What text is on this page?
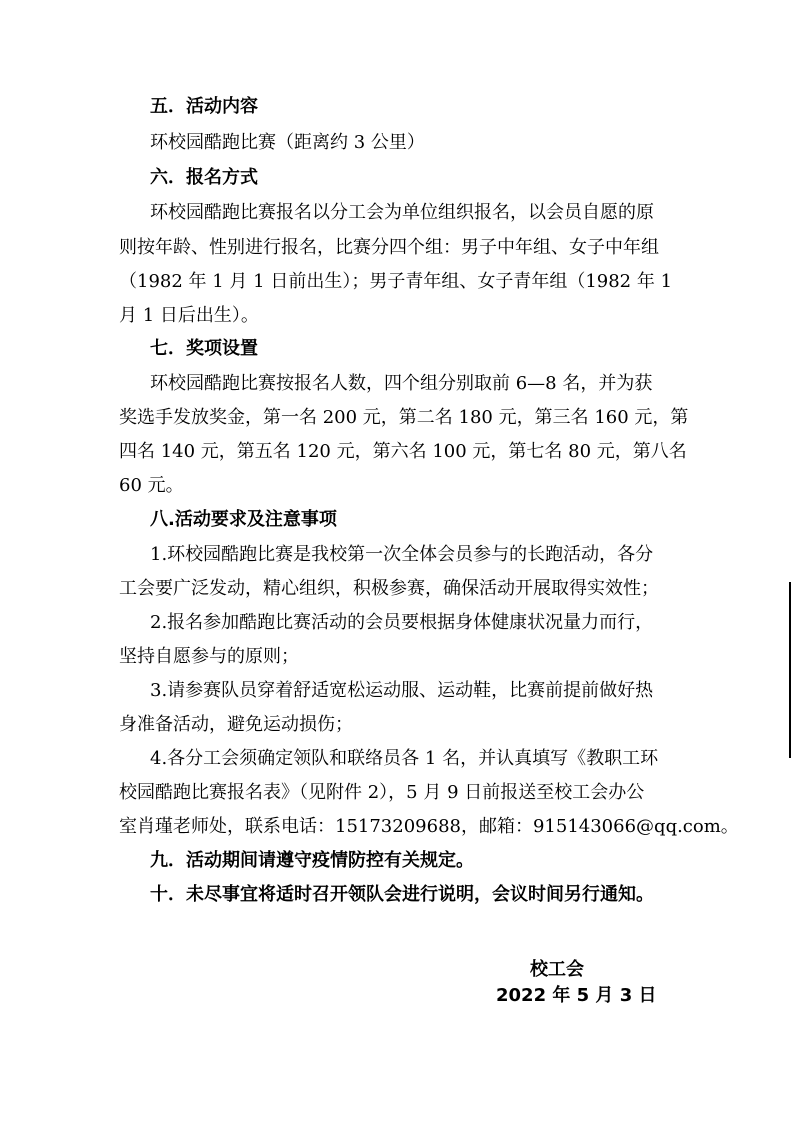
五．活动内容
环校园酷跑比赛（距离约 3 公里）
六．报名方式
环校园酷跑比赛报名以分工会为单位组织报名，以会员自愿的原
则按年龄、性别进行报名，比赛分四个组：男子中年组、女子中年组
（1982 年 1 月 1 日前出生）；男子青年组、女子青年组（1982 年 1
月 1 日后出生）。
七．奖项设置
环校园酷跑比赛按报名人数，四个组分别取前 6—8 名，并为获
奖选手发放奖金，第一名 200 元，第二名 180 元，第三名 160 元，第
四名 140 元，第五名 120 元，第六名 100 元，第七名 80 元，第八名
60 元。
八.活动要求及注意事项
1.环校园酷跑比赛是我校第一次全体会员参与的长跑活动，各分
工会要广泛发动，精心组织，积极参赛，确保活动开展取得实效性；
2.报名参加酷跑比赛活动的会员要根据身体健康状况量力而行，
坚持自愿参与的原则；
3.请参赛队员穿着舒适宽松运动服、运动鞋，比赛前提前做好热
身准备活动，避免运动损伤；
4.各分工会须确定领队和联络员各 1 名，并认真填写《教职工环
校园酷跑比赛报名表》（见附件 2），5 月 9 日前报送至校工会办公
室肖瑾老师处，联系电话：15173209688，邮箱：915143066@qq.com。
九．活动期间请遵守疫情防控有关规定。
十．未尽事宜将适时召开领队会进行说明，会议时间另行通知。
校工会
2022 年 5 月 3 日
